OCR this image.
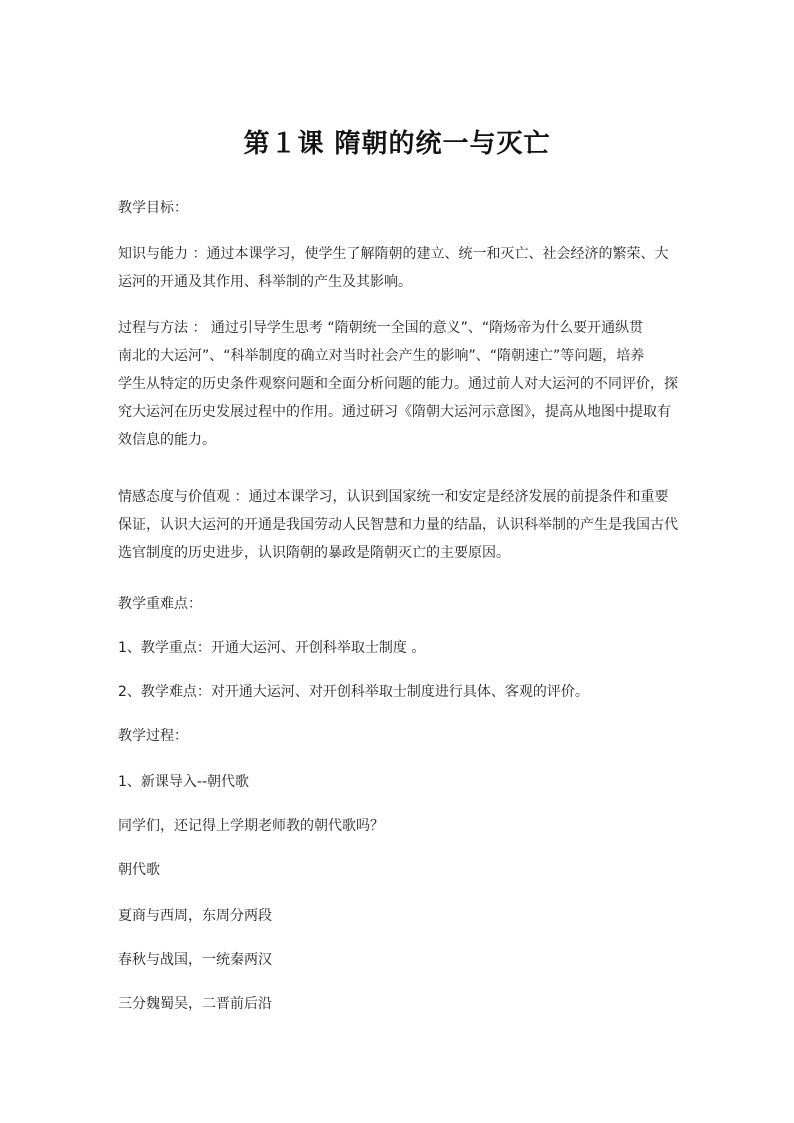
第１课 隋朝的统一与灭亡
教学目标：
知识与能力 ：通过本课学习，使学生了解隋朝的建立、统一和灭亡、社会经济的繁荣、大
运河的开通及其作用、科举制的产生及其影响。
过程与方法 ： 通过引导学生思考 “隋朝统一全国的意义”、“隋炀帝为什么要开通纵贯
南北的大运河”、“科举制度的确立对当时社会产生的影响”、“隋朝速亡”等问题，培养
学生从特定的历史条件观察问题和全面分析问题的能力。通过前人对大运河的不同评价，探
究大运河在历史发展过程中的作用。通过研习《隋朝大运河示意图》，提高从地图中提取有
效信息的能力。
情感态度与价值观 ：通过本课学习，认识到国家统一和安定是经济发展的前提条件和重要
保证，认识大运河的开通是我国劳动人民智慧和力量的结晶，认识科举制的产生是我国古代
选官制度的历史进步，认识隋朝的暴政是隋朝灭亡的主要原因。
教学重难点：
1、教学重点：开通大运河、开创科举取士制度 。
2、教学难点：对开通大运河、对开创科举取士制度进行具体、客观的评价。
教学过程：
1、新课导入--朝代歌
同学们，还记得上学期老师教的朝代歌吗？
朝代歌
夏商与西周，东周分两段
春秋与战国，一统秦两汉
三分魏蜀吴，二晋前后沿
